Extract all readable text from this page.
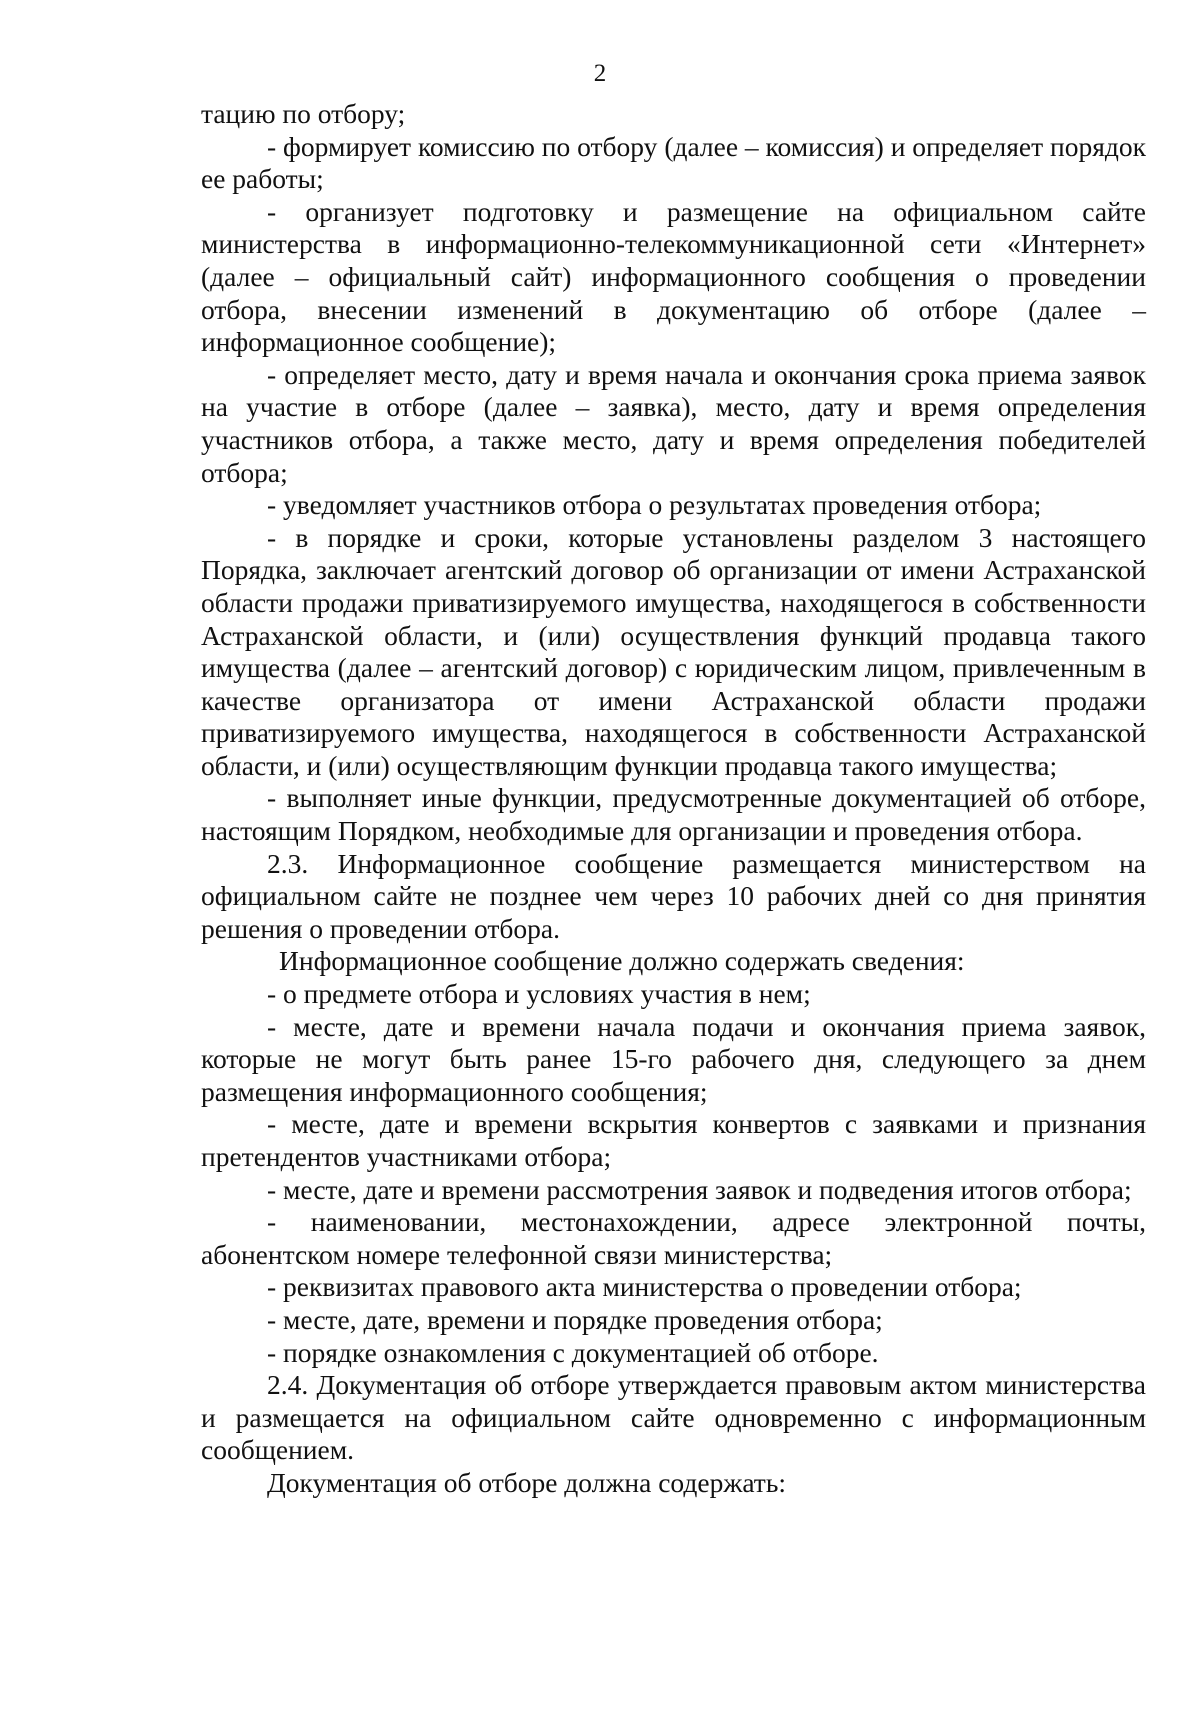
2

тацию по отбору;

- формирует комиссию по отбору (далее – комиссия) и определяет порядок ее работы;

- организует подготовку и размещение на официальном сайте министерства в информационно-телекоммуникационной сети «Интернет» (далее – официальный сайт) информационного сообщения о проведении отбора, внесении изменений в документацию об отборе (далее – информационное сообщение);

- определяет место, дату и время начала и окончания срока приема заявок на участие в отборе (далее – заявка), место, дату и время определения участников отбора, а также место, дату и время определения победителей отбора;

- уведомляет участников отбора о результатах проведения отбора;

- в порядке и сроки, которые установлены разделом 3 настоящего Порядка, заключает агентский договор об организации от имени Астраханской области продажи приватизируемого имущества, находящегося в собственности Астраханской области, и (или) осуществления функций продавца такого имущества (далее – агентский договор) с юридическим лицом, привлеченным в качестве организатора от имени Астраханской области продажи приватизируемого имущества, находящегося в собственности Астраханской области, и (или) осуществляющим функции продавца такого имущества;

- выполняет иные функции, предусмотренные документацией об отборе, настоящим Порядком, необходимые для организации и проведения отбора.

2.3. Информационное сообщение размещается министерством на официальном сайте не позднее чем через 10 рабочих дней со дня принятия решения о проведении отбора.

Информационное сообщение должно содержать сведения:

- о предмете отбора и условиях участия в нем;

- месте, дате и времени начала подачи и окончания приема заявок, которые не могут быть ранее 15-го рабочего дня, следующего за днем размещения информационного сообщения;

- месте, дате и времени вскрытия конвертов с заявками и признания претендентов участниками отбора;

- месте, дате и времени рассмотрения заявок и подведения итогов отбора;

- наименовании, местонахождении, адресе электронной почты, абонентском номере телефонной связи министерства;

- реквизитах правового акта министерства о проведении отбора;

- месте, дате, времени и порядке проведения отбора;

- порядке ознакомления с документацией об отборе.

2.4. Документация об отборе утверждается правовым актом министерства и размещается на официальном сайте одновременно с информационным сообщением.

Документация об отборе должна содержать:
